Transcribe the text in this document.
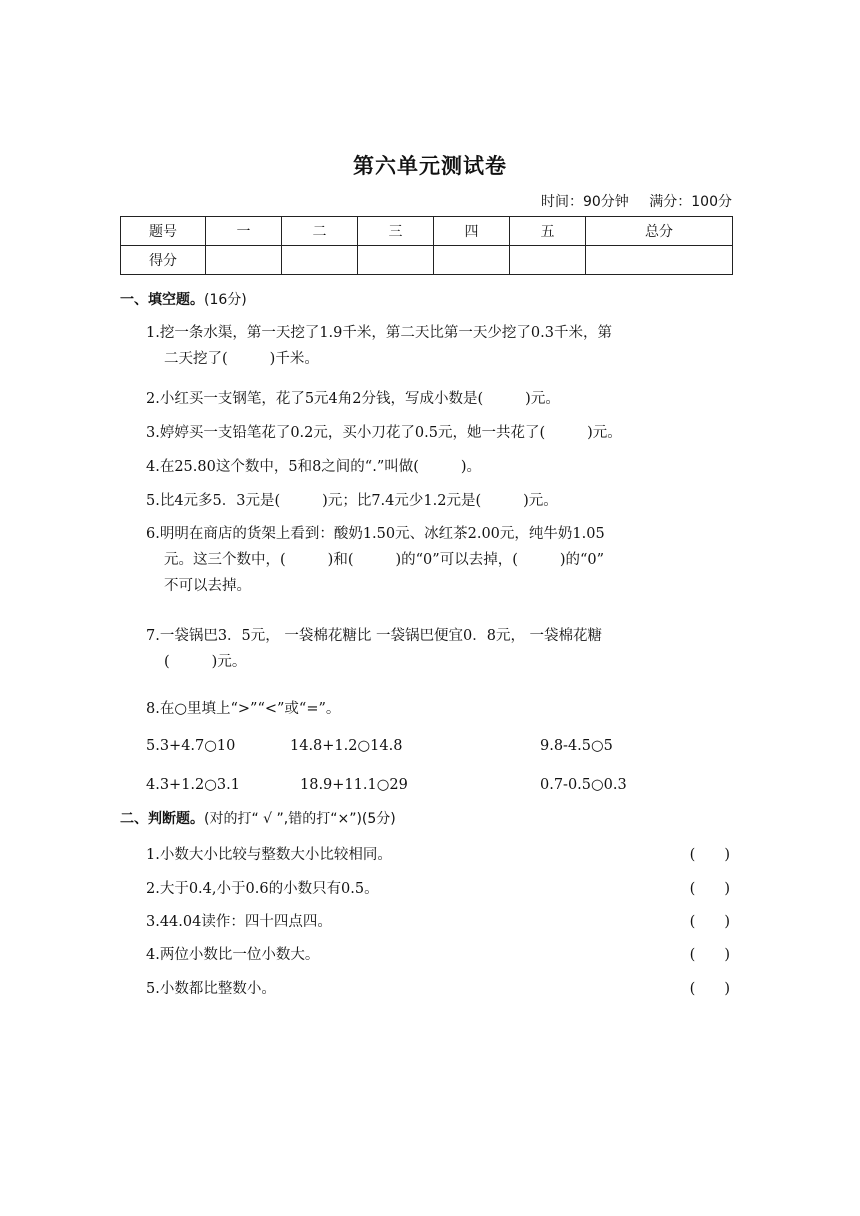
第六单元测试卷
时间：90分钟 满分：100分
题号	一	二	三	四	五	总分
得分						
一、填空题。(16分)
1.挖一条水渠，第一天挖了1.9千米，第二天比第一天少挖了0.3千米，第
二天挖了(	)千米。
2.小红买一支钢笔，花了5元4角2分钱，写成小数是(	)元。
3.婷婷买一支铅笔花了0.2元，买小刀花了0.5元，她一共花了(	)元。
4.在25.80这个数中，5和8之间的“.”叫做(	)。
5.比4元多5．3元是(	)元；比7.4元少1.2元是(	)元。
6.明明在商店的货架上看到：酸奶1.50元、冰红茶2.00元，纯牛奶1.05
元。这三个数中，(	)和(	)的“0”可以去掉，(	)的“0”
不可以去掉。
7.一袋锅巴3．5元， 一袋棉花糖比 一袋锅巴便宜0．8元， 一袋棉花糖
(	)元。
8.在○里填上“>”“<”或“=”。
5.3+4.7○10	14.8+1.2○14.8	9.8-4.5○5
4.3+1.2○3.1	18.9+11.1○29	0.7-0.5○0.3
二、判断题。(对的打“ √ ”,错的打“×”)(5分)
1.小数大小比较与整数大小比较相同。	(　　)
2.大于0.4,小于0.6的小数只有0.5。	(　　)
3.44.04读作：四十四点四。	(　　)
4.两位小数比一位小数大。	(　　)
5.小数都比整数小。	(　　)
